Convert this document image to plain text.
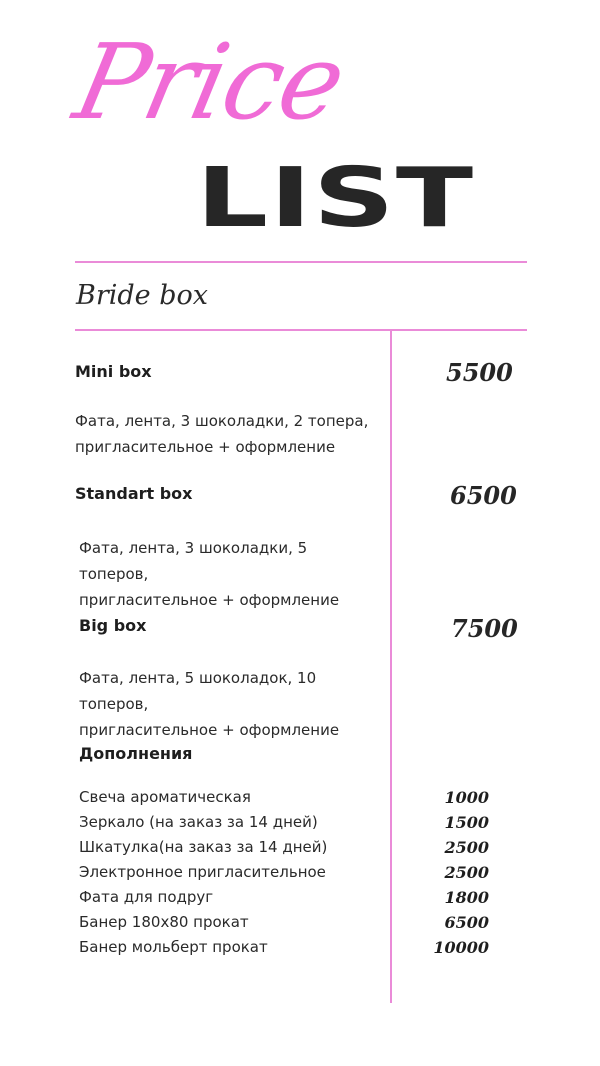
Price
LIST
Bride box
Mini box	5500
Фата, лента, 3 шоколадки, 2 топера,
пригласительное + оформление
Standart box	6500
Фата, лента, 3 шоколадки, 5 топеров,
пригласительное + оформление
Big box	7500
Фата, лента, 5 шоколадок, 10 топеров,
пригласительное + оформление
Дополнения
Свеча ароматическая	1000
Зеркало (на заказ за 14 дней)	1500
Шкатулка(на заказ за 14 дней)	2500
Электронное пригласительное	2500
Фата для подруг	1800
Банер 180х80 прокат	6500
Банер мольберт прокат	10000
